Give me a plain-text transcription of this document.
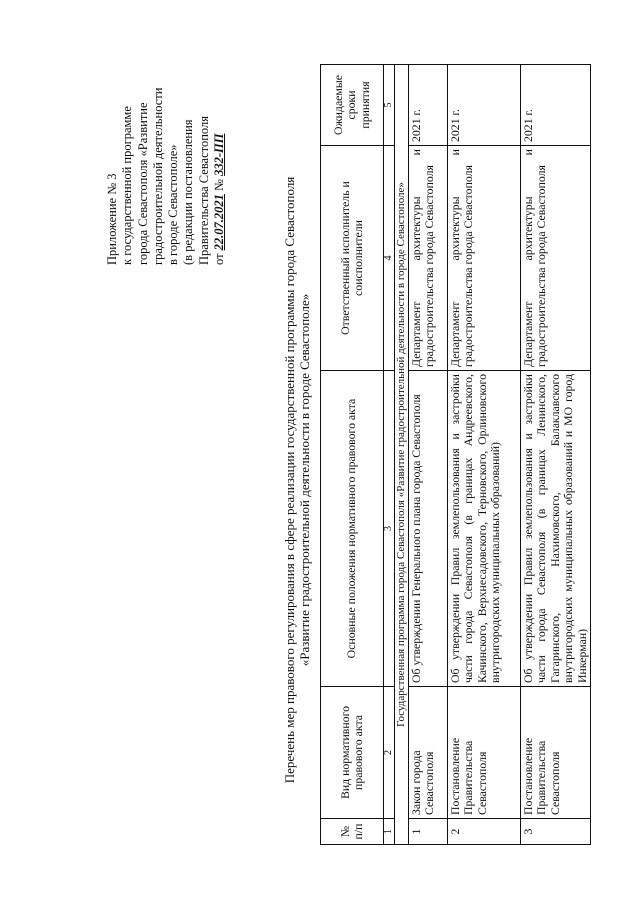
Приложение № 3 к государственной программе города Севастополя «Развитие градостроительной деятельности в городе Севастополе» (в редакции постановления Правительства Севастополя от 22.07.2021 № 332-ПП
Перечень мер правового регулирования в сфере реализации государственной программы города Севастополя «Развитие градостроительной деятельности в городе Севастополе»
№ п/п	Вид нормативного правового акта	Основные положения нормативного правового акта	Ответственный исполнитель и соисполнители	Ожидаемые сроки принятия
1	2	3	4	5
Государственная программа города Севастополя «Развитие градостроительной деятельности в городе Севастополе»				
1	Закон города Севастополя	Об утверждении Генерального плана города Севастополя	Департамент архитектуры и градостроительства города Севастополя	2021 г.
2	Постановление Правительства Севастополя	Об утверждении Правил землепользования и застройки части города Севастополя (в границах Андреевского, Качинского, Верхнесадовского, Терновского, Орлиновского внутригородских муниципальных образований)	Департамент архитектуры и градостроительства города Севастополя	2021 г.
3	Постановление Правительства Севастополя	Об утверждении Правил землепользования и застройки части города Севастополя (в границах Ленинского, Гагаринского, Нахимовского, Балаклавского внутригородских муниципальных образований и МО город Инкерман)	Департамент архитектуры и градостроительства города Севастополя	2021 г.
